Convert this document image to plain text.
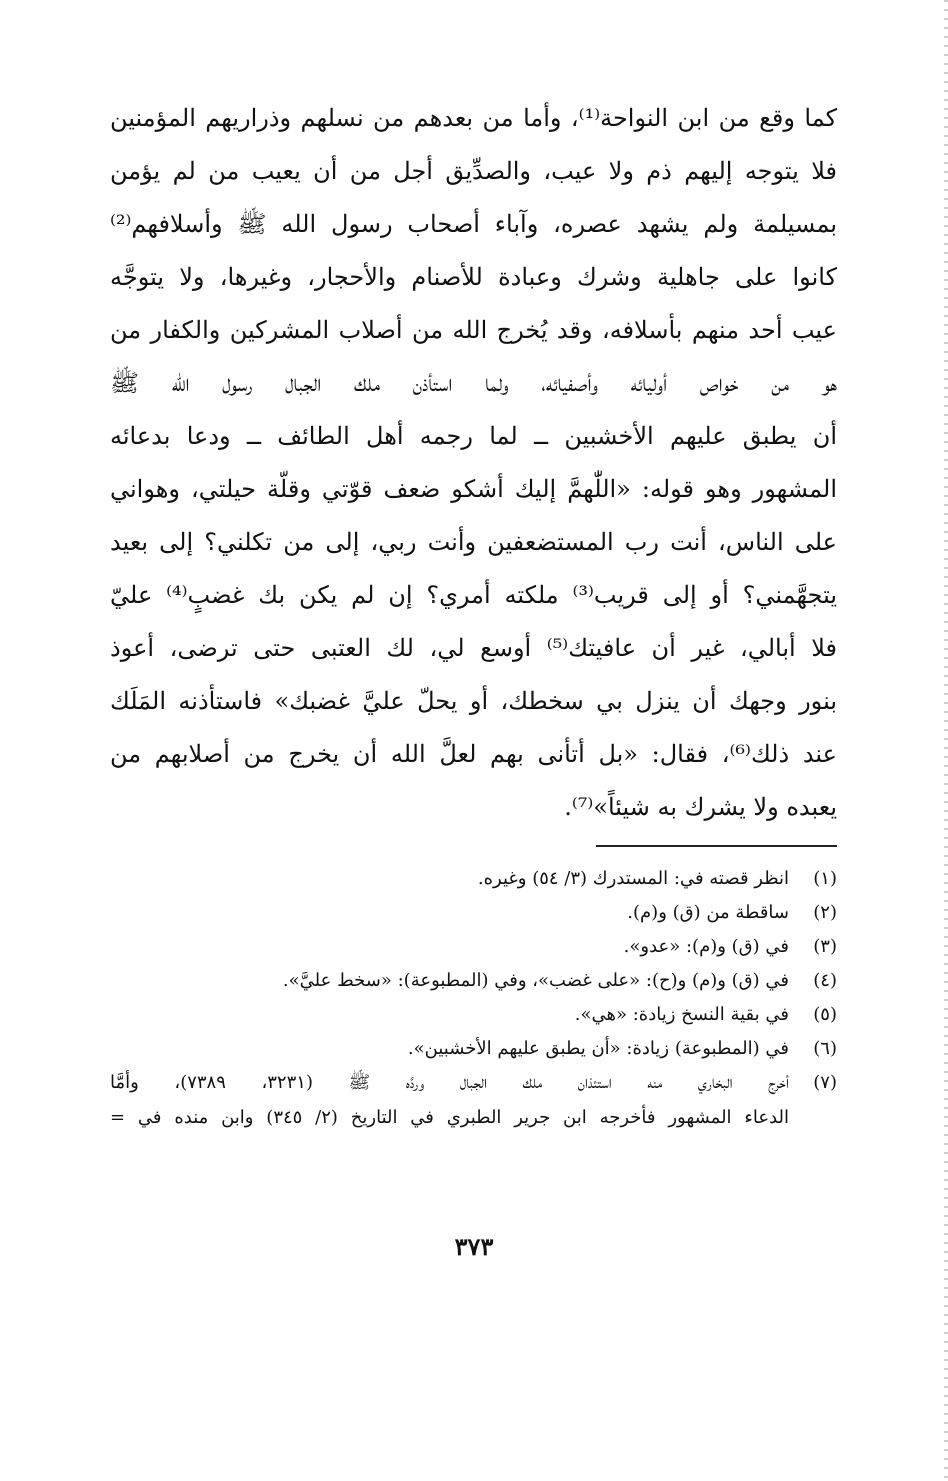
كما وقع من ابن النواحة⁽¹⁾، وأما من بعدهم من نسلهم وذراريهم المؤمنين
فلا يتوجه إليهم ذم ولا عيب، والصدِّيق أجل من أن يعيب من لم يؤمن
بمسيلمة ولم يشهد عصره، وآباء أصحاب رسول الله ﷺ وأسلافهم⁽²⁾
كانوا على جاهلية وشرك وعبادة للأصنام والأحجار، وغيرها، ولا يتوجَّه
عيب أحد منهم بأسلافه، وقد يُخرج الله من أصلاب المشركين والكفار من
هو من خواص أوليائه وأصفيائه، ولما استأذن ملك الجبال رسول الله ﷺ
أن يطبق عليهم الأخشبين ــ لما رجمه أهل الطائف ــ ودعا بدعائه
المشهور وهو قوله: «اللّٰهمَّ إليك أشكو ضعف قوّتي وقلّة حيلتي، وهواني
على الناس، أنت رب المستضعفين وأنت ربي، إلى من تكلني؟ إلى بعيد
يتجهَّمني؟ أو إلى قريب⁽³⁾ ملكته أمري؟ إن لم يكن بك غضبٍ⁽⁴⁾ عليّ
فلا أبالي، غير أن عافيتك⁽⁵⁾ أوسع لي، لك العتبى حتى ترضى، أعوذ
بنور وجهك أن ينزل بي سخطك، أو يحلّ عليَّ غضبك» فاستأذنه المَلَك
عند ذلك⁽⁶⁾، فقال: «بل أتأنى بهم لعلَّ الله أن يخرج من أصلابهم من
يعبده ولا يشرك به شيئاً»⁽⁷⁾.
(١)
انظر قصته في: المستدرك (٣/ ٥٤) وغيره.
(٢)
ساقطة من (ق) و(م).
(٣)
في (ق) و(م): «عدو».
(٤)
في (ق) و(م) و(ح): «على غضب»، وفي (المطبوعة): «سخط عليَّ».
(٥)
في بقية النسخ زيادة: «هي».
(٦)
في (المطبوعة) زيادة: «أن يطبق عليهم الأخشبين».
(٧)
أخرج البخاري منه استئذان ملك الجبال وردَّه ﷺ (٣٢٣١، ٧٣٨٩)، وأمَّا
الدعاء المشهور فأخرجه ابن جرير الطبري في التاريخ (٢/ ٣٤٥) وابن منده في =
٣٧٣
